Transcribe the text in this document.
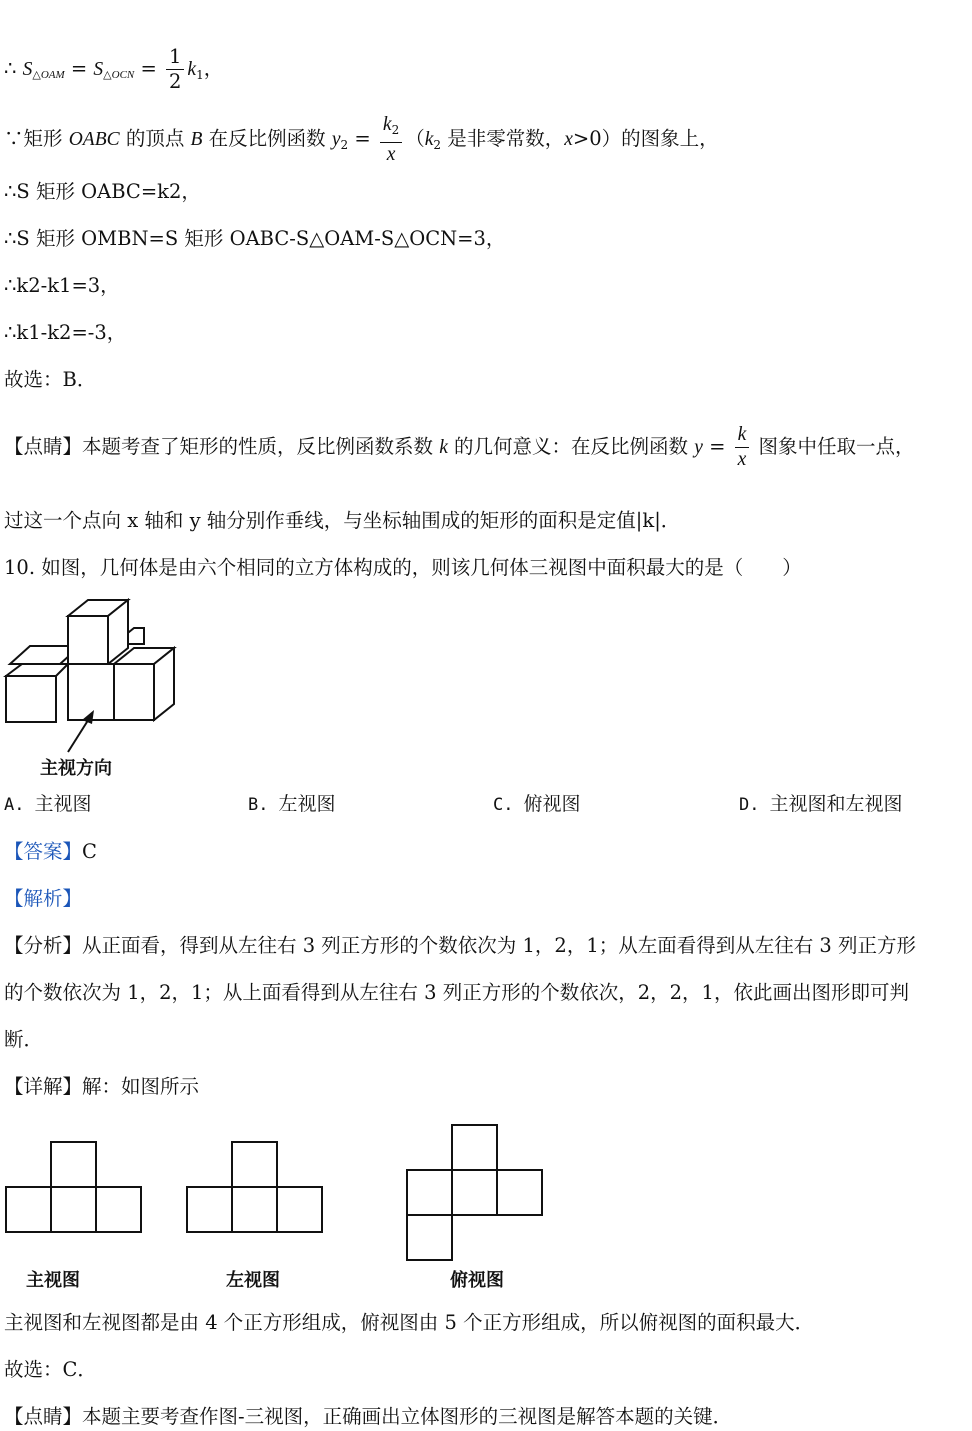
∴ S△OAM = S△OCN = $\frac{1}{2} k_1$，
∵矩形 OABC 的顶点 B 在反比例函数 $y_2 = \frac{k_2}{x} (k_2$ 是非零常数，x>0）的图象上，
∴S 矩形 OABC=k2，
∴S 矩形 OMBN=S 矩形 OABC-S△OAM-S△OCN=3，
∴k2-k1=3，
∴k1-k2=-3，
故选：B．
【点睛】本题考查了矩形的性质，反比例函数系数 k 的几何意义：在反比例函数 $y = \frac{k}{x}$ 图象中任取一点，
过这一个点向 x 轴和 y 轴分别作垂线，与坐标轴围成的矩形的面积是定值|k|．
10. 如图，几何体是由六个相同的立方体构成的，则该几何体三视图中面积最大的是（　　）
主视方向
A. 主视图	B. 左视图	C. 俯视图	D. 主视图和左视图
【答案】C
【解析】
【分析】从正面看，得到从左往右 3 列正方形的个数依次为 1，2，1；从左面看得到从左往右 3 列正方形
的个数依次为 1，2，1；从上面看得到从左往右 3 列正方形的个数依次，2，2，1，依此画出图形即可判
断．
【详解】解：如图所示
主视图	左视图	俯视图
主视图和左视图都是由 4 个正方形组成，俯视图由 5 个正方形组成，所以俯视图的面积最大．
故选：C．
【点睛】本题主要考查作图-三视图，正确画出立体图形的三视图是解答本题的关键．
